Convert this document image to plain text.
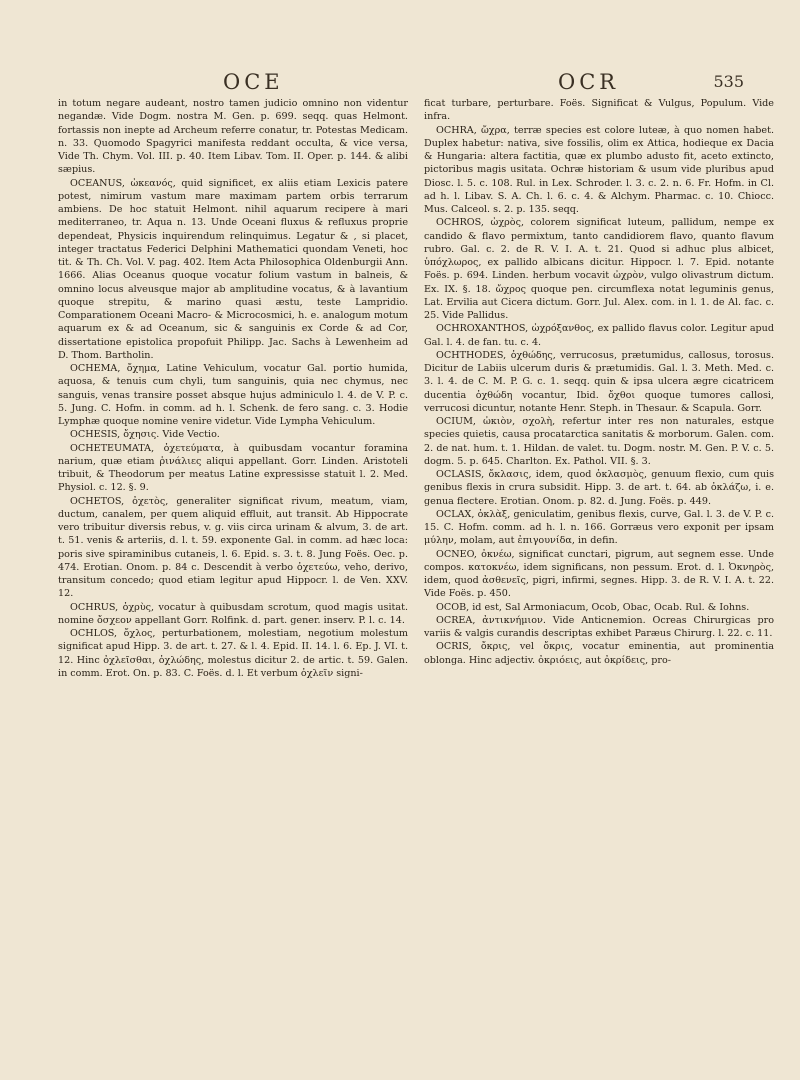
OCE	OCR	535

in totum negare audeant, nostro tamen judicio omnino non videntur negandæ. Vide Dogm. nostra M. Gen. p. 699. seqq. quas Helmont. fortassis non inepte ad Archeum referre conatur, tr. Potestas Medicam. n. 33. Quomodo Spagyrici manifesta reddant occulta, & vice versa, Vide Th. Chym. Vol. III. p. 40. Item Libav. Tom. II. Oper. p. 144. & alibi sæpius.

OCEANUS, ὠκεανός, quid significet, ex aliis etiam Lexicis patere potest, nimirum vastum mare maximam partem orbis terrarum ambiens. De hoc statuit Helmont. nihil aquarum recipere à mari mediterraneo, tr. Aqua n. 13. Unde Oceani fluxus & refluxus proprie dependeat, Physicis inquirendum relinquimus. Legatur & , si placet, integer tractatus Federici Delphini Mathematici quondam Veneti, hoc tit. & Th. Ch. Vol. V. pag. 402. Item Acta Philosophica Oldenburgii Ann. 1666. Alias Oceanus quoque vocatur folium vastum in balneis, & omnino locus alveusque major ab amplitudine vocatus, & à lavantium quoque strepitu, & marino quasi æstu, teste Lampridio. Comparationem Oceani Macro- & Microcosmici, h. e. analogum motum aquarum ex & ad Oceanum, sic & sanguinis ex Corde & ad Cor, dissertatione epistolica propofuit Philipp. Jac. Sachs à Lewenheim ad D. Thom. Bartholin.

OCHEMA, ὄχημα, Latine Vehiculum, vocatur Gal. portio humida, aquosa, & tenuis cum chyli, tum sanguinis, quia nec chymus, nec sanguis, venas transire posset absque hujus adminiculo l. 4. de V. P. c. 5. Jung. C. Hofm. in comm. ad h. l. Schenk. de fero sang. c. 3. Hodie Lymphæ quoque nomine venire videtur. Vide Lympha Vehiculum.

OCHESIS, ὄχησις. Vide Vectio.

OCHETEUMATA, ὀχετεύματα, à quibusdam vocantur foramina narium, quæ etiam ῥινάλιες aliqui appellant. Gorr. Linden. Aristoteli tribuit, & Theodorum per meatus Latine expressisse statuit l. 2. Med. Physiol. c. 12. §. 9.

OCHETOS, ὀχετὸς, generaliter significat rivum, meatum, viam, ductum, canalem, per quem aliquid effluit, aut transit. Ab Hippocrate vero tribuitur diversis rebus, v. g. viis circa urinam & alvum, 3. de art. t. 51. venis & arteriis, d. l. t. 59. exponente Gal. in comm. ad hæc loca: poris sive spiraminibus cutaneis, l. 6. Epid. s. 3. t. 8. Jung Foës. Oec. p. 474. Erotian. Onom. p. 84 c. Descendit à verbo ὀχετεύω, veho, derivo, transitum concedo; quod etiam legitur apud Hippocr. l. de Ven. XXV. 12.

OCHRUS, ὀχρὺς, vocatur à quibusdam scrotum, quod magis usitat. nomine ὄσχεον appellant Gorr. Rolfink. d. part. gener. inserv. P. l. c. 14.

OCHLOS, ὄχλος, perturbationem, molestiam, negotium molestum significat apud Hipp. 3. de art. t. 27. & l. 4. Epid. II. 14. l. 6. Ep. J. VI. t. 12. Hinc ὀχλεῖσθαι, ὀχλώδης, molestus dicitur 2. de artic. t. 59. Galen. in comm. Erot. On. p. 83. C. Foës. d. l. Et verbum ὀχλεῖν signi-

ficat turbare, perturbare. Foës. Significat & Vulgus, Populum. Vide infra.

OCHRA, ὤχρα, terræ species est colore luteæ, à quo nomen habet. Duplex habetur: nativa, sive fossilis, olim ex Attica, hodieque ex Dacia & Hungaria: altera factitia, quæ ex plumbo adusto fit, aceto extincto, pictoribus magis usitata. Ochræ historiam & usum vide pluribus apud Diosc. l. 5. c. 108. Rul. in Lex. Schroder. l. 3. c. 2. n. 6. Fr. Hofm. in Cl. ad h. l. Libav. S. A. Ch. l. 6. c. 4. & Alchym. Pharmac. c. 10. Chiocc. Mus. Calceol. s. 2. p. 135. seqq.

OCHROS, ὠχρὸς, colorem significat luteum, pallidum, nempe ex candido & flavo permixtum, tanto candidiorem flavo, quanto flavum rubro. Gal. c. 2. de R. V. I. A. t. 21. Quod si adhuc plus albicet, ὑπόχλωρος, ex pallido albicans dicitur. Hippocr. l. 7. Epid. notante Foës. p. 694. Linden. herbum vocavit ὠχρὸν, vulgo olivastrum dictum. Ex. IX. §. 18. ὤχρος quoque pen. circumflexa notat leguminis genus, Lat. Ervilia aut Cicera dictum. Gorr. Jul. Alex. com. in l. 1. de Al. fac. c. 25. Vide Pallidus.

OCHROXANTHOS, ὠχρόξανθος, ex pallido flavus color. Legitur apud Gal. l. 4. de fan. tu. c. 4.

OCHTHODES, ὀχθώδης, verrucosus, prætumidus, callosus, torosus. Dicitur de Labiis ulcerum duris & prætumidis. Gal. l. 3. Meth. Med. c. 3. l. 4. de C. M. P. G. c. 1. seqq. quin & ipsa ulcera ægre cicatricem ducentia ὀχθώδη vocantur, Ibid. ὄχθοι quoque tumores callosi, verrucosi dicuntur, notante Henr. Steph. in Thesaur. & Scapula. Gorr.

OCIUM, ὠκιὸν, σχολὴ, refertur inter res non naturales, estque species quietis, causa procatarctica sanitatis & morborum. Galen. com. 2. de nat. hum. t. 1. Hildan. de valet. tu. Dogm. nostr. M. Gen. P. V. c. 5. dogm. 5. p. 645. Charlton. Ex. Pathol. VII. §. 3.

OCLASIS, ὄκλασις, idem, quod ὀκλασμὸς, genuum flexio, cum quis genibus flexis in crura subsidit. Hipp. 3. de art. t. 64. ab ὀκλάζω, i. e. genua flectere. Erotian. Onom. p. 82. d. Jung. Foës. p. 449.

OCLAX, ὀκλὰξ, geniculatim, genibus flexis, curve, Gal. l. 3. de V. P. c. 15. C. Hofm. comm. ad h. l. n. 166. Gorræus vero exponit per ipsam μύλην, molam, aut ἐπιγουνίδα, in defin.

OCNEO, ὀκνέω, significat cunctari, pigrum, aut segnem esse. Unde compos. κατοκνέω, idem significans, non pessum. Erot. d. l. Ὀκνηρὸς, idem, quod ἀσθενεῖς, pigri, infirmi, segnes. Hipp. 3. de R. V. I. A. t. 22. Vide Foës. p. 450.

OCOB, id est, Sal Armoniacum, Ocob, Obac, Ocab. Rul. & Iohns.

OCREA, ἀντικνήμιον. Vide Anticnemion. Ocreas Chirurgicas pro variis & valgis curandis descriptas exhibet Paræus Chirurg. l. 22. c. 11.

OCRIS, ὄκρις, vel ὄκρις, vocatur eminentia, aut prominentia oblonga. Hinc adjectiv. ὀκριόεις, aut ὀκρίδεις, pro-
